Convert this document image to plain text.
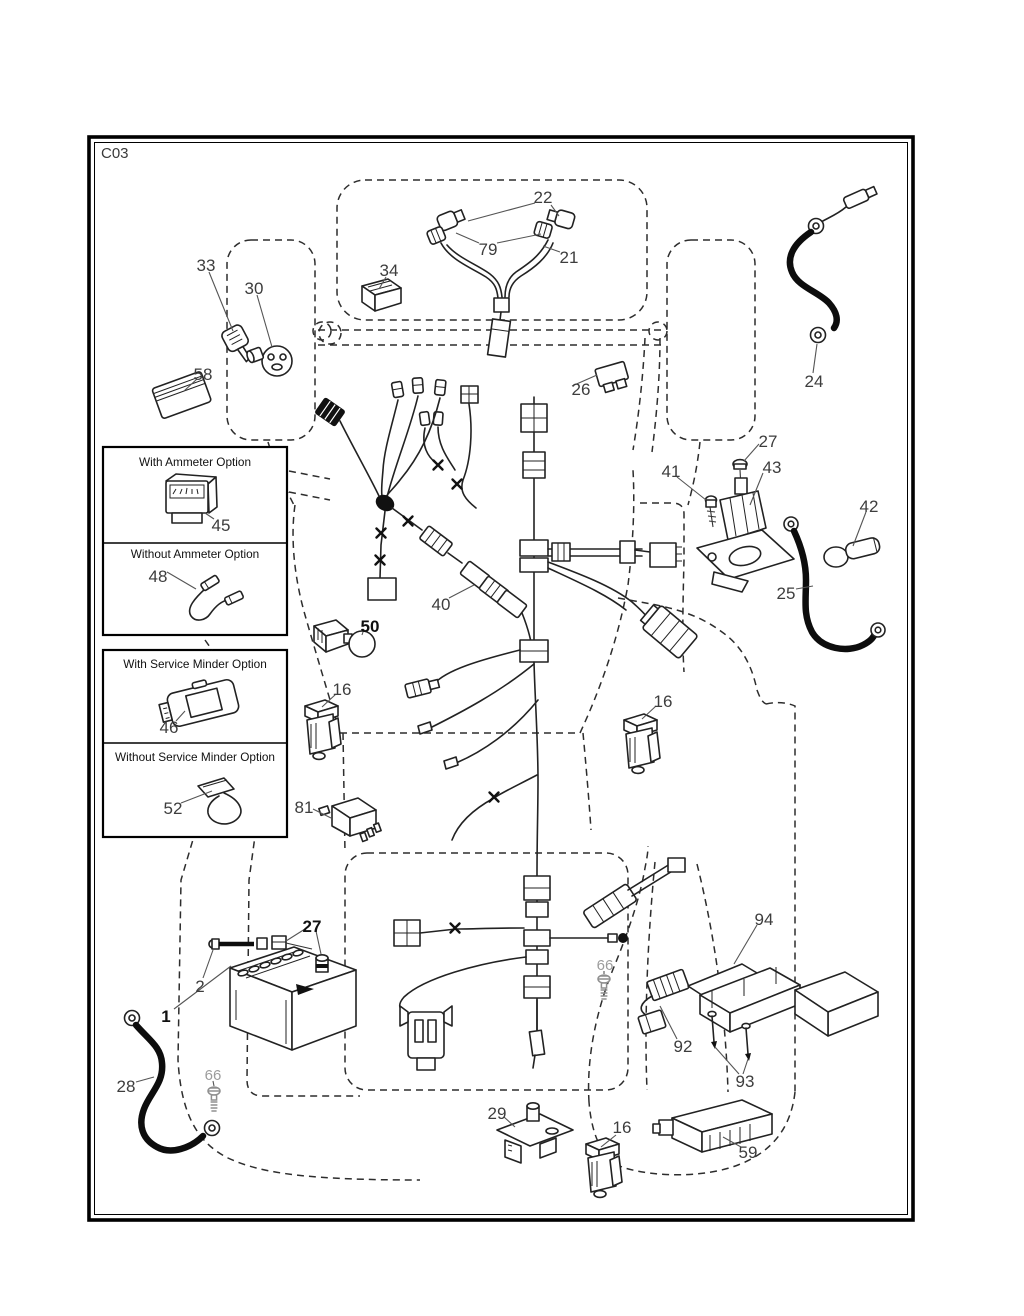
C03
With Ammeter Option
Without Ammeter Option
With Service Minder Option
Without Service Minder Option
22
79	21
34
33
30
58
26	24
27
41	43
42
25
45
48
46
52
40
50
16
16
81
2
27
1
28
66
66
29
16
92
93
94
59
